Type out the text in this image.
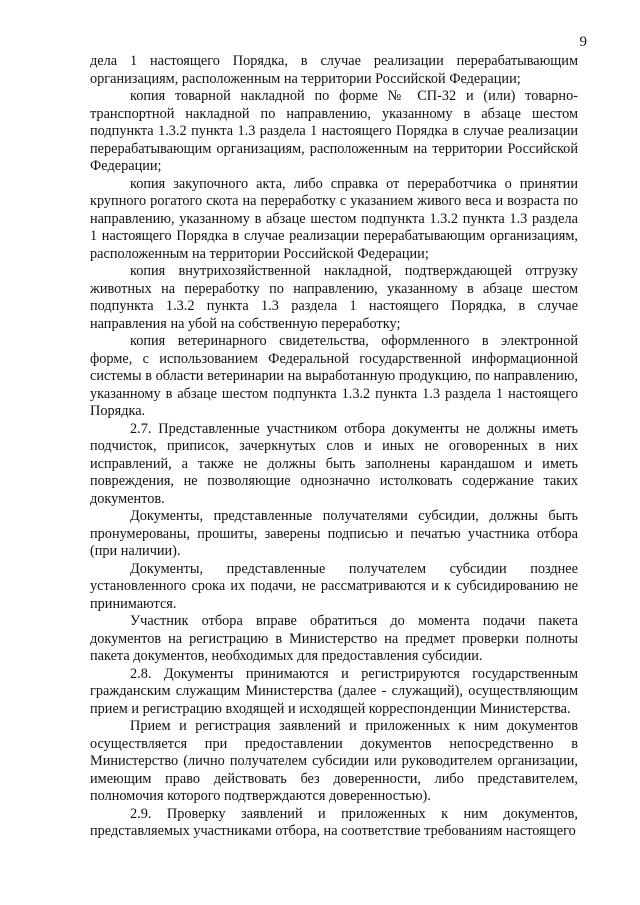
9

дела 1 настоящего Порядка, в случае реализации перерабатывающим организациям, расположенным на территории Российской Федерации;

копия товарной накладной по форме № СП-32 и (или) товарно-транспортной накладной по направлению, указанному в абзаце шестом подпункта 1.3.2 пункта 1.3 раздела 1 настоящего Порядка в случае реализации перерабатывающим организациям, расположенным на территории Российской Федерации;

копия закупочного акта, либо справка от переработчика о принятии крупного рогатого скота на переработку с указанием живого веса и возраста по направлению, указанному в абзаце шестом подпункта 1.3.2 пункта 1.3 раздела 1 настоящего Порядка в случае реализации перерабатывающим организациям, расположенным на территории Российской Федерации;

копия внутрихозяйственной накладной, подтверждающей отгрузку животных на переработку по направлению, указанному в абзаце шестом подпункта 1.3.2 пункта 1.3 раздела 1 настоящего Порядка, в случае направления на убой на собственную переработку;

копия ветеринарного свидетельства, оформленного в электронной форме, с использованием Федеральной государственной информационной системы в области ветеринарии на выработанную продукцию, по направлению, указанному в абзаце шестом подпункта 1.3.2 пункта 1.3 раздела 1 настоящего Порядка.

2.7. Представленные участником отбора документы не должны иметь подчисток, приписок, зачеркнутых слов и иных не оговоренных в них исправлений, а также не должны быть заполнены карандашом и иметь повреждения, не позволяющие однозначно истолковать содержание таких документов.

Документы, представленные получателями субсидии, должны быть пронумерованы, прошиты, заверены подписью и печатью участника отбора (при наличии).

Документы, представленные получателем субсидии позднее установленного срока их подачи, не рассматриваются и к субсидированию не принимаются.

Участник отбора вправе обратиться до момента подачи пакета документов на регистрацию в Министерство на предмет проверки полноты пакета документов, необходимых для предоставления субсидии.

2.8. Документы принимаются и регистрируются государственным гражданским служащим Министерства (далее - служащий), осуществляющим прием и регистрацию входящей и исходящей корреспонденции Министерства.

Прием и регистрация заявлений и приложенных к ним документов осуществляется при предоставлении документов непосредственно в Министерство (лично получателем субсидии или руководителем организации, имеющим право действовать без доверенности, либо представителем, полномочия которого подтверждаются доверенностью).

2.9. Проверку заявлений и приложенных к ним документов, представляемых участниками отбора, на соответствие требованиям настоящего
